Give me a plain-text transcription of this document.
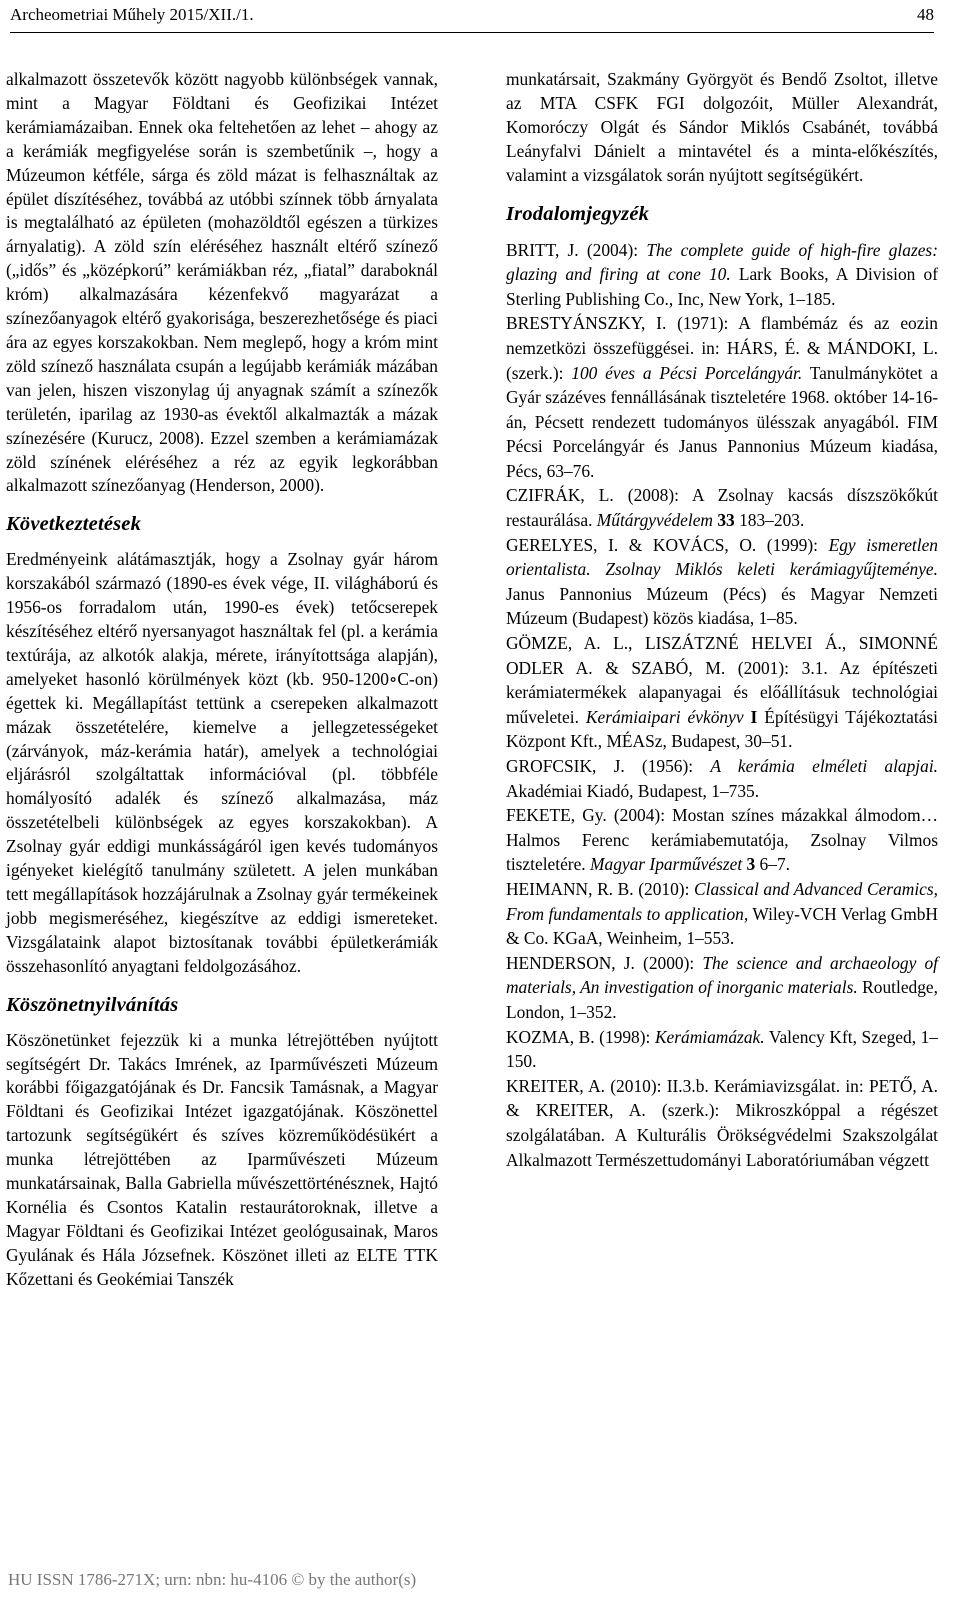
Archeometriai Műhely 2015/XII./1.	48

alkalmazott összetevők között nagyobb különbségek vannak, mint a Magyar Földtani és Geofizikai Intézet kerámiamázaiban. Ennek oka feltehetően az lehet – ahogy az a kerámiák megfigyelése során is szembetűnik –, hogy a Múzeumon kétféle, sárga és zöld mázat is felhasználtak az épület díszítéséhez, továbbá az utóbbi színnek több árnyalata is megtalálható az épületen (mohazöldtől egészen a türkizes árnyalatig). A zöld szín eléréséhez használt eltérő színező („idős” és „középkorú” kerámiákban réz, „fiatal” daraboknál króm) alkalmazására kézenfekvő magyarázat a színezőanyagok eltérő gyakorisága, beszerezhetősége és piaci ára az egyes korszakokban. Nem meglepő, hogy a króm mint zöld színező használata csupán a legújabb kerámiák mázában van jelen, hiszen viszonylag új anyagnak számít a színezők területén, iparilag az 1930-as évektől alkalmazták a mázak színezésére (Kurucz, 2008). Ezzel szemben a kerámiamázak zöld színének eléréséhez a réz az egyik legkorábban alkalmazott színezőanyag (Henderson, 2000).

Következtetések

Eredményeink alátámasztják, hogy a Zsolnay gyár három korszakából származó (1890-es évek vége, II. világháború és 1956-os forradalom után, 1990-es évek) tetőcserepek készítéséhez eltérő nyersanyagot használtak fel (pl. a kerámia textúrája, az alkotók alakja, mérete, irányítottsága alapján), amelyeket hasonló körülmények közt (kb. 950-1200∘C-on) égettek ki. Megállapítást tettünk a cserepeken alkalmazott mázak összetételére, kiemelve a jellegzetességeket (zárványok, máz-kerámia határ), amelyek a technológiai eljárásról szolgáltattak információval (pl. többféle homályosító adalék és színező alkalmazása, máz összetételbeli különbségek az egyes korszakokban). A Zsolnay gyár eddigi munkásságáról igen kevés tudományos igényeket kielégítő tanulmány született. A jelen munkában tett megállapítások hozzájárulnak a Zsolnay gyár termékeinek jobb megismeréséhez, kiegészítve az eddigi ismereteket. Vizsgálataink alapot biztosítanak további épületkerámiák összehasonlító anyagtani feldolgozásához.

Köszönetnyilvánítás

Köszönetünket fejezzük ki a munka létrejöttében nyújtott segítségért Dr. Takács Imrének, az Iparművészeti Múzeum korábbi főigazgatójának és Dr. Fancsik Tamásnak, a Magyar Földtani és Geofizikai Intézet igazgatójának. Köszönettel tartozunk segítségükért és szíves közreműködésükért a munka létrejöttében az Iparművészeti Múzeum munkatársainak, Balla Gabriella művészettörténésznek, Hajtó Kornélia és Csontos Katalin restaurátoroknak, illetve a Magyar Földtani és Geofizikai Intézet geológusainak, Maros Gyulának és Hála Józsefnek. Köszönet illeti az ELTE TTK Kőzettani és Geokémiai Tanszék

munkatársait, Szakmány Györgyöt és Bendő Zsoltot, illetve az MTA CSFK FGI dolgozóit, Müller Alexandrát, Komoróczy Olgát és Sándor Miklós Csabánét, továbbá Leányfalvi Dánielt a mintavétel és a minta-előkészítés, valamint a vizsgálatok során nyújtott segítségükért.

Irodalomjegyzék

BRITT, J. (2004): The complete guide of high-fire glazes: glazing and firing at cone 10. Lark Books, A Division of Sterling Publishing Co., Inc, New York, 1–185.

BRESTYÁNSZKY, I. (1971): A flambémáz és az eozin nemzetközi összefüggései. in: HÁRS, É. & MÁNDOKI, L. (szerk.): 100 éves a Pécsi Porcelángyár. Tanulmánykötet a Gyár százéves fennállásának tiszteletére 1968. október 14-16-án, Pécsett rendezett tudományos ülésszak anyagából. FIM Pécsi Porcelángyár és Janus Pannonius Múzeum kiadása, Pécs, 63–76.

CZIFRÁK, L. (2008): A Zsolnay kacsás díszszökőkút restaurálása. Műtárgyvédelem 33 183–203.

GERELYES, I. & KOVÁCS, O. (1999): Egy ismeretlen orientalista. Zsolnay Miklós keleti kerámiagyűjteménye. Janus Pannonius Múzeum (Pécs) és Magyar Nemzeti Múzeum (Budapest) közös kiadása, 1–85.

GÖMZE, A. L., LISZÁTZNÉ HELVEI Á., SIMONNÉ ODLER A. & SZABÓ, M. (2001): 3.1. Az építészeti kerámiatermékek alapanyagai és előállításuk technológiai műveletei. Kerámiaipari évkönyv I Építésügyi Tájékoztatási Központ Kft., MÉASz, Budapest, 30–51.

GROFCSIK, J. (1956): A kerámia elméleti alapjai. Akadémiai Kiadó, Budapest, 1–735.

FEKETE, Gy. (2004): Mostan színes mázakkal álmodom… Halmos Ferenc kerámiabemutatója, Zsolnay Vilmos tiszteletére. Magyar Iparművészet 3 6–7.

HEIMANN, R. B. (2010): Classical and Advanced Ceramics, From fundamentals to application, Wiley-VCH Verlag GmbH & Co. KGaA, Weinheim, 1–553.

HENDERSON, J. (2000): The science and archaeology of materials, An investigation of inorganic materials. Routledge, London, 1–352.

KOZMA, B. (1998): Kerámiamázak. Valency Kft, Szeged, 1–150.

KREITER, A. (2010): II.3.b. Kerámiavizsgálat. in: PETŐ, A. & KREITER, A. (szerk.): Mikroszkóppal a régészet szolgálatában. A Kulturális Örökségvédelmi Szakszolgálat Alkalmazott Természettudományi Laboratóriumában végzett

HU ISSN 1786-271X; urn: nbn: hu-4106 © by the author(s)
